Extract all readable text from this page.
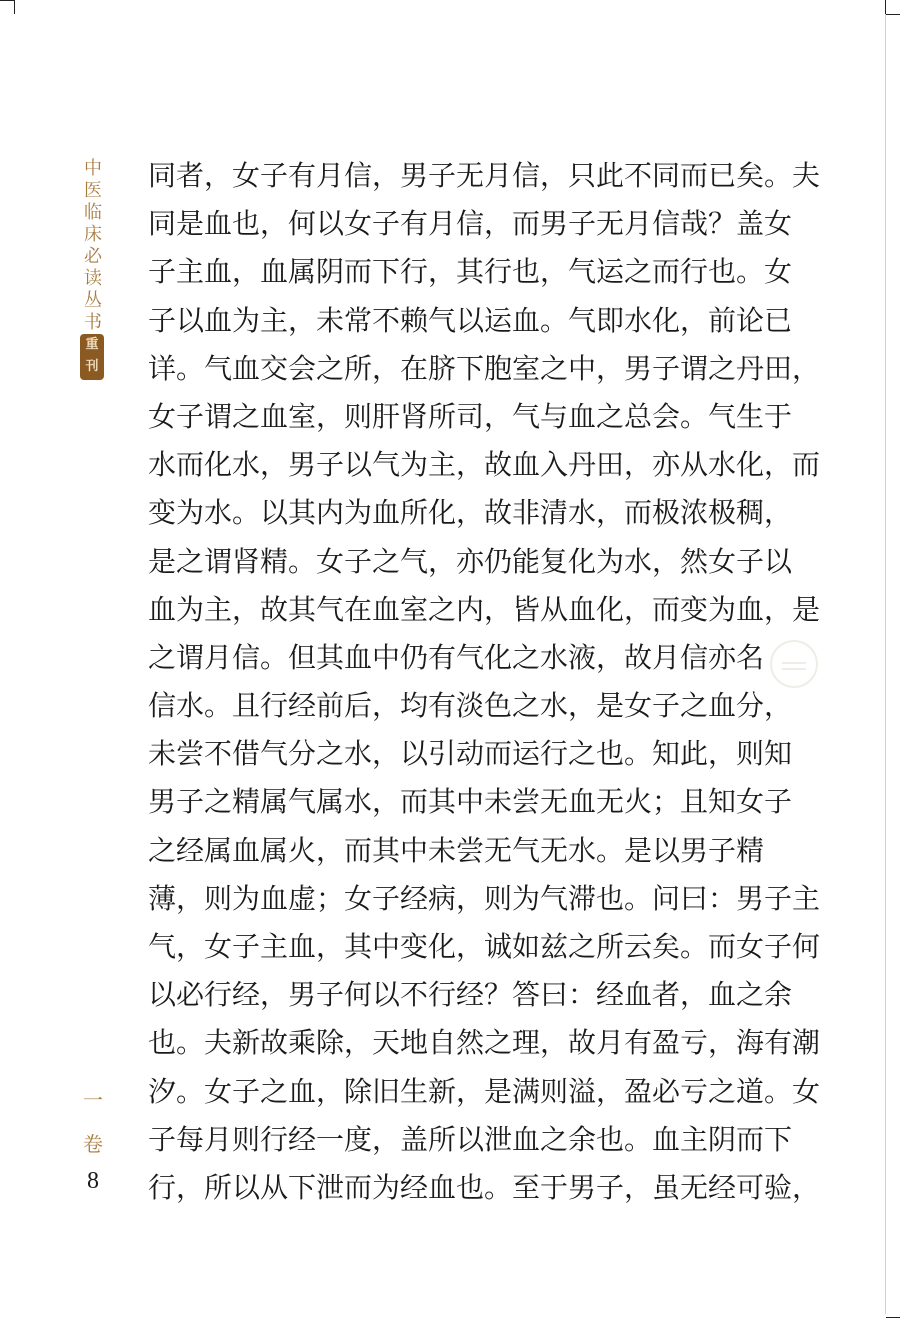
中
医
临
床
必
读
丛
书
重
刊
同者，女子有月信，男子无月信，只此不同而已矣。夫
同是血也，何以女子有月信，而男子无月信哉？盖女
子主血，血属阴而下行，其行也，气运之而行也。女
子以血为主，未常不赖气以运血。气即水化，前论已
详。气血交会之所，在脐下胞室之中，男子谓之丹田，
女子谓之血室，则肝肾所司，气与血之总会。气生于
水而化水，男子以气为主，故血入丹田，亦从水化，而
变为水。以其内为血所化，故非清水，而极浓极稠，
是之谓肾精。女子之气，亦仍能复化为水，然女子以
血为主，故其气在血室之内，皆从血化，而变为血，是
之谓月信。但其血中仍有气化之水液，故月信亦名
信水。且行经前后，均有淡色之水，是女子之血分，
未尝不借气分之水，以引动而运行之也。知此，则知
男子之精属气属水，而其中未尝无血无火；且知女子
之经属血属火，而其中未尝无气无水。是以男子精
薄，则为血虚；女子经病，则为气滞也。问曰：男子主
气，女子主血，其中变化，诚如兹之所云矣。而女子何
以必行经，男子何以不行经？答曰：经血者，血之余
也。夫新故乘除，天地自然之理，故月有盈亏，海有潮
汐。女子之血，除旧生新，是满则溢，盈必亏之道。女
子每月则行经一度，盖所以泄血之余也。血主阴而下
行，所以从下泄而为经血也。至于男子，虽无经可验，
一
卷
8
